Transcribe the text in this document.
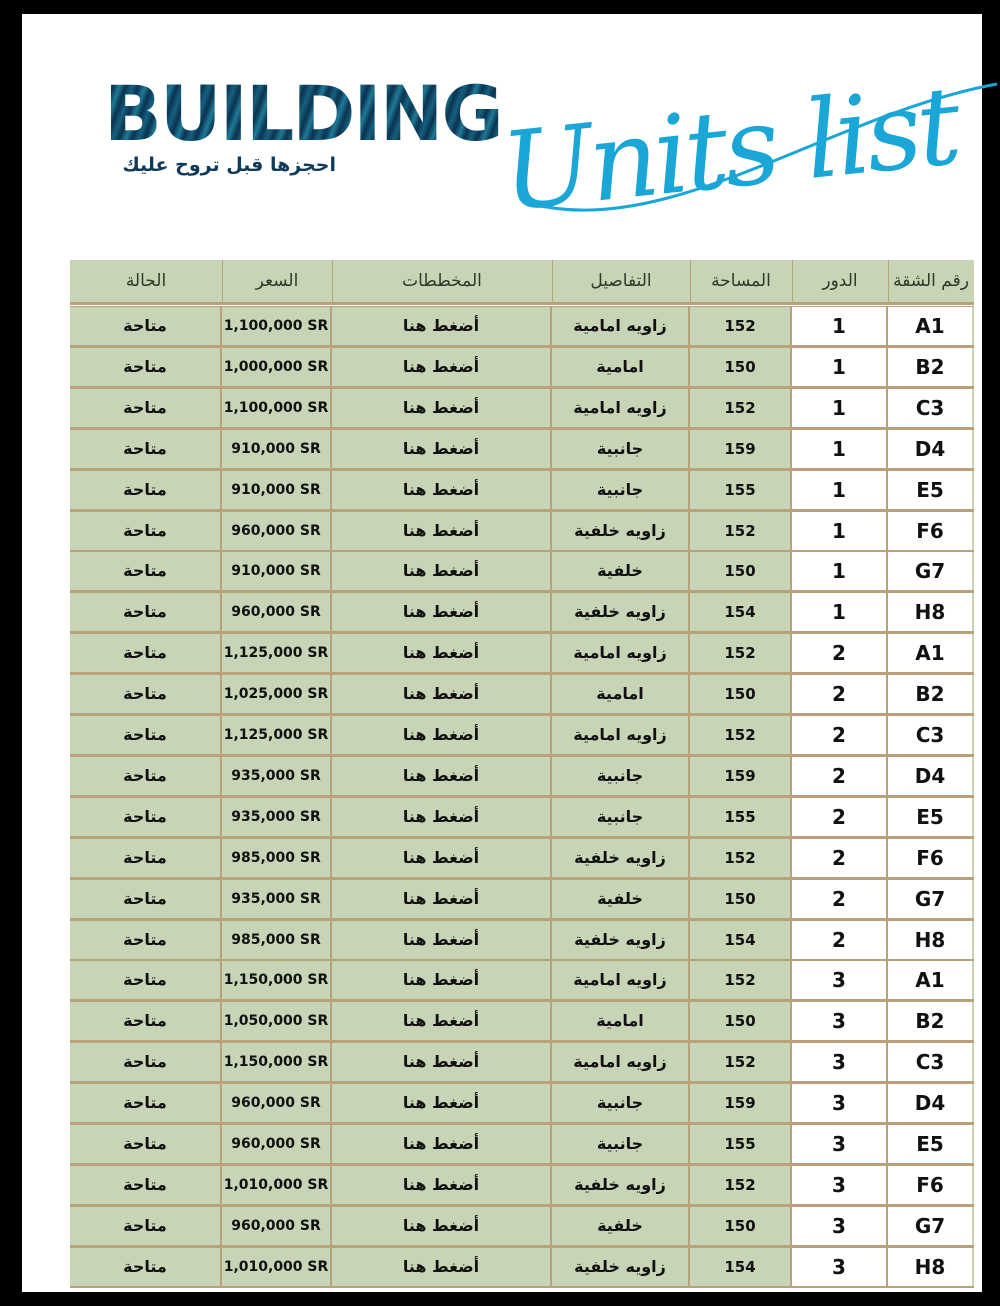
BUILDING
احجزها قبل تروح عليك Units list
الحالة	السعر	المخططات	التفاصيل	المساحة	الدور	رقم الشقة
متاحة	1,100,000 SR	أضغط هنا	زاويه امامية	152	1	A1
متاحة	1,000,000 SR	أضغط هنا	امامية	150	1	B2
متاحة	1,100,000 SR	أضغط هنا	زاويه امامية	152	1	C3
متاحة	910,000 SR	أضغط هنا	جانبية	159	1	D4
متاحة	910,000 SR	أضغط هنا	جانبية	155	1	E5
متاحة	960,000 SR	أضغط هنا	زاويه خلفية	152	1	F6
متاحة	910,000 SR	أضغط هنا	خلفية	150	1	G7
متاحة	960,000 SR	أضغط هنا	زاويه خلفية	154	1	H8
متاحة	1,125,000 SR	أضغط هنا	زاويه امامية	152	2	A1
متاحة	1,025,000 SR	أضغط هنا	امامية	150	2	B2
متاحة	1,125,000 SR	أضغط هنا	زاويه امامية	152	2	C3
متاحة	935,000 SR	أضغط هنا	جانبية	159	2	D4
متاحة	935,000 SR	أضغط هنا	جانبية	155	2	E5
متاحة	985,000 SR	أضغط هنا	زاويه خلفية	152	2	F6
متاحة	935,000 SR	أضغط هنا	خلفية	150	2	G7
متاحة	985,000 SR	أضغط هنا	زاويه خلفية	154	2	H8
متاحة	1,150,000 SR	أضغط هنا	زاويه امامية	152	3	A1
متاحة	1,050,000 SR	أضغط هنا	امامية	150	3	B2
متاحة	1,150,000 SR	أضغط هنا	زاويه امامية	152	3	C3
متاحة	960,000 SR	أضغط هنا	جانبية	159	3	D4
متاحة	960,000 SR	أضغط هنا	جانبية	155	3	E5
متاحة	1,010,000 SR	أضغط هنا	زاويه خلفية	152	3	F6
متاحة	960,000 SR	أضغط هنا	خلفية	150	3	G7
متاحة	1,010,000 SR	أضغط هنا	زاويه خلفية	154	3	H8
